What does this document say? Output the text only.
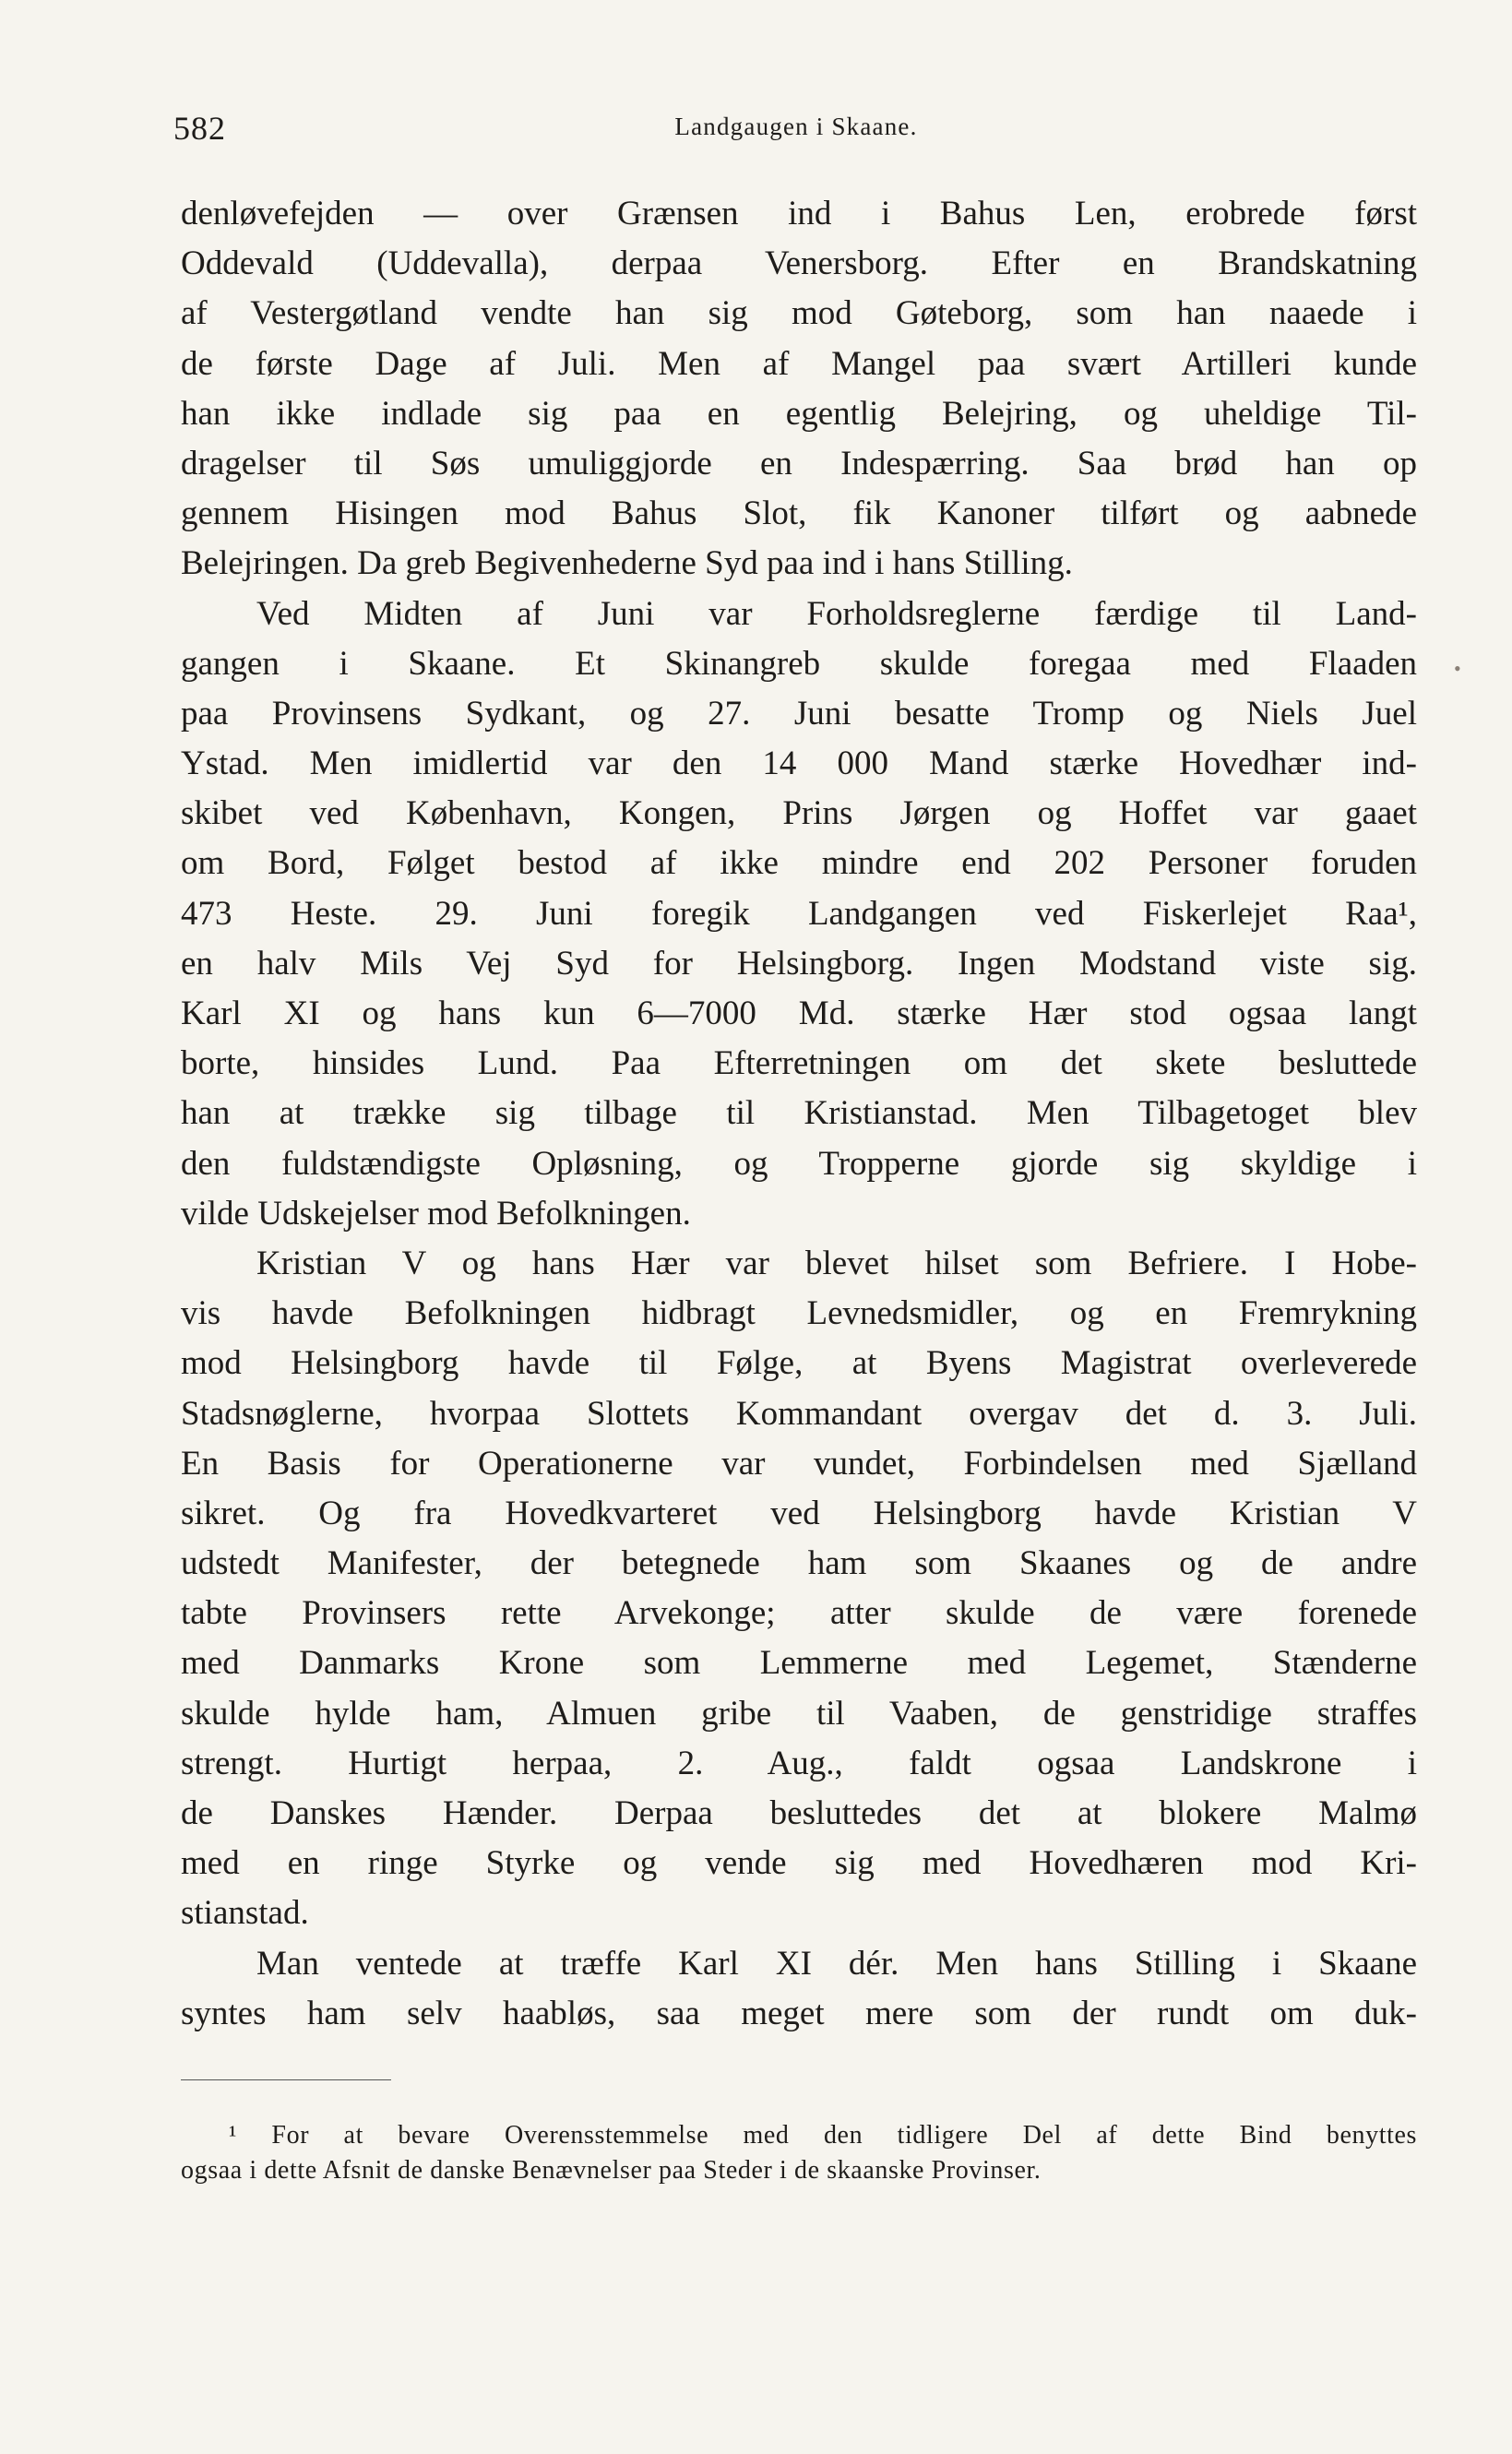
582	Landgaugen i Skaane.
denløvefejden — over Grænsen ind i Bahus Len, erobrede først
Oddevald (Uddevalla), derpaa Venersborg. Efter en Brandskatning
af Vestergøtland vendte han sig mod Gøteborg, som han naaede i
de første Dage af Juli. Men af Mangel paa svært Artilleri kunde
han ikke indlade sig paa en egentlig Belejring, og uheldige Til-
dragelser til Søs umuliggjorde en Indespærring. Saa brød han op
gennem Hisingen mod Bahus Slot, fik Kanoner tilført og aabnede
Belejringen. Da greb Begivenhederne Syd paa ind i hans Stilling.
Ved Midten af Juni var Forholdsreglerne færdige til Land-
gangen i Skaane. Et Skinangreb skulde foregaa med Flaaden
paa Provinsens Sydkant, og 27. Juni besatte Tromp og Niels Juel
Ystad. Men imidlertid var den 14 000 Mand stærke Hovedhær ind-
skibet ved København, Kongen, Prins Jørgen og Hoffet var gaaet
om Bord, Følget bestod af ikke mindre end 202 Personer foruden
473 Heste. 29. Juni foregik Landgangen ved Fiskerlejet Raa¹,
en halv Mils Vej Syd for Helsingborg. Ingen Modstand viste sig.
Karl XI og hans kun 6—7000 Md. stærke Hær stod ogsaa langt
borte, hinsides Lund. Paa Efterretningen om det skete besluttede
han at trække sig tilbage til Kristianstad. Men Tilbagetoget blev
den fuldstændigste Opløsning, og Tropperne gjorde sig skyldige i
vilde Udskejelser mod Befolkningen.
Kristian V og hans Hær var blevet hilset som Befriere. I Hobe-
vis havde Befolkningen hidbragt Levnedsmidler, og en Fremrykning
mod Helsingborg havde til Følge, at Byens Magistrat overleverede
Stadsnøglerne, hvorpaa Slottets Kommandant overgav det d. 3. Juli.
En Basis for Operationerne var vundet, Forbindelsen med Sjælland
sikret. Og fra Hovedkvarteret ved Helsingborg havde Kristian V
udstedt Manifester, der betegnede ham som Skaanes og de andre
tabte Provinsers rette Arvekonge; atter skulde de være forenede
med Danmarks Krone som Lemmerne med Legemet, Stænderne
skulde hylde ham, Almuen gribe til Vaaben, de genstridige straffes
strengt. Hurtigt herpaa, 2. Aug., faldt ogsaa Landskrone i
de Danskes Hænder. Derpaa besluttedes det at blokere Malmø
med en ringe Styrke og vende sig med Hovedhæren mod Kri-
stianstad.
Man ventede at træffe Karl XI dér. Men hans Stilling i Skaane
syntes ham selv haabløs, saa meget mere som der rundt om duk-
¹ For at bevare Overensstemmelse med den tidligere Del af dette Bind benyttes
ogsaa i dette Afsnit de danske Benævnelser paa Steder i de skaanske Provinser.
•
